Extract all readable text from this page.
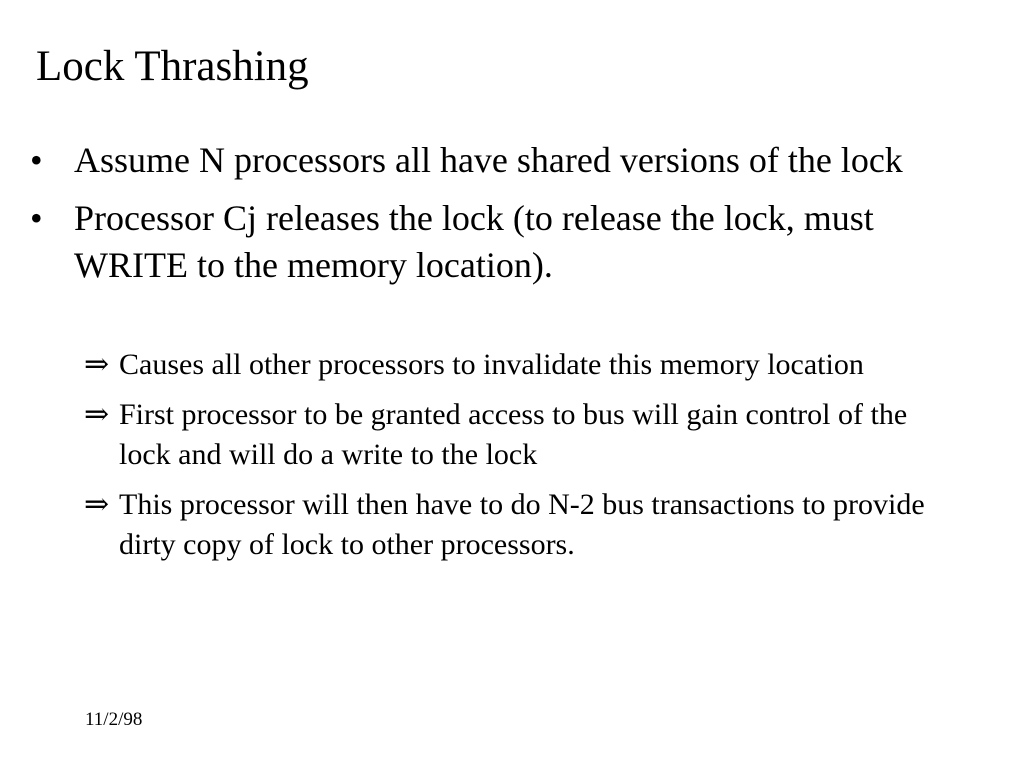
Lock Thrashing
• Assume N processors all have shared versions of the lock
• Processor Cj releases the lock (to release the lock, must WRITE to the memory location).
⇒ Causes all other processors to invalidate this memory location
⇒ First processor to be granted access to bus will gain control of the lock and will do a write to the lock
⇒ This processor will then have to do N-2 bus transactions to provide dirty copy of lock to other processors.
11/2/98
